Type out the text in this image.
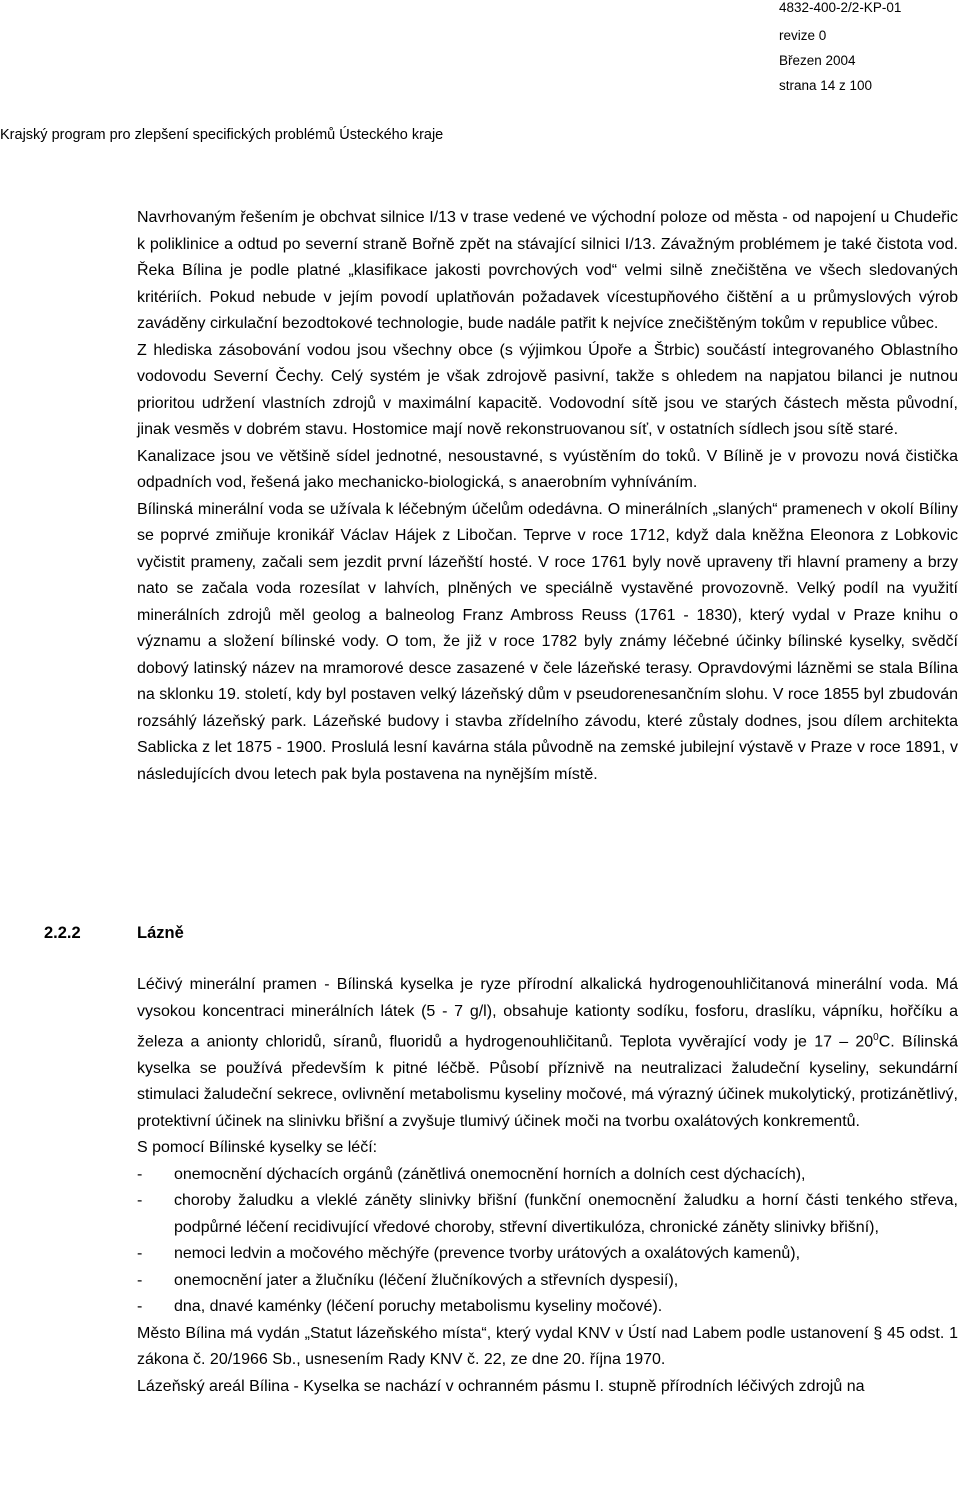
4832-400-2/2-KP-01
revize 0
Březen 2004
strana 14 z 100
Krajský program pro zlepšení specifických problémů Ústeckého kraje

Navrhovaným řešením je obchvat silnice I/13 v trase vedené ve východní poloze od města - od napojení u Chudeřic k poliklinice a odtud po severní straně Bořně zpět na stávající silnici I/13. Závažným problémem je také čistota vod. Řeka Bílina je podle platné „klasifikace jakosti povrchových vod“ velmi silně znečištěna ve všech sledovaných kritériích. Pokud nebude v jejím povodí uplatňován požadavek vícestupňového čištění a u průmyslových výrob zaváděny cirkulační bezodtokové technologie, bude nadále patřit k nejvíce znečištěným tokům v republice vůbec.

Z hlediska zásobování vodou jsou všechny obce (s výjimkou Úpoře a Štrbic) součástí integrovaného Oblastního vodovodu Severní Čechy. Celý systém je však zdrojově pasivní, takže s ohledem na napjatou bilanci je nutnou prioritou udržení vlastních zdrojů v maximální kapacitě. Vodovodní sítě jsou ve starých částech města původní, jinak vesměs v dobrém stavu. Hostomice mají nově rekonstruovanou síť, v ostatních sídlech jsou sítě staré.

Kanalizace jsou ve většině sídel jednotné, nesoustavné, s vyústěním do toků. V Bílině je v provozu nová čistička odpadních vod, řešená jako mechanicko-biologická, s anaerobním vyhníváním.

Bílinská minerální voda se užívala k léčebným účelům odedávna. O minerálních „slaných“ pramenech v okolí Bíliny se poprvé zmiňuje kronikář Václav Hájek z Libočan. Teprve v roce 1712, když dala kněžna Eleonora z Lobkovic vyčistit prameny, začali sem jezdit první lázeňští hosté. V roce 1761 byly nově upraveny tři hlavní prameny a brzy nato se začala voda rozesílat v lahvích, plněných ve speciálně vystavěné provozovně. Velký podíl na využití minerálních zdrojů měl geolog a balneolog Franz Ambross Reuss (1761 - 1830), který vydal v Praze knihu o významu a složení bílinské vody. O tom, že již v roce 1782 byly známy léčebné účinky bílinské kyselky, svědčí dobový latinský název na mramorové desce zasazené v čele lázeňské terasy. Opravdovými lázněmi se stala Bílina na sklonku 19. století, kdy byl postaven velký lázeňský dům v pseudorenesančním slohu. V roce 1855 byl zbudován rozsáhlý lázeňský park. Lázeňské budovy i stavba zřídelního závodu, které zůstaly dodnes, jsou dílem architekta Sablicka z let 1875 - 1900. Proslulá lesní kavárna stála původně na zemské jubilejní výstavě v Praze v roce 1891, v následujících dvou letech pak byla postavena na nynějším místě.

2.2.2	Lázně

Léčivý minerální pramen - Bílinská kyselka je ryze přírodní alkalická hydrogenouhličitanová minerální voda. Má vysokou koncentraci minerálních látek (5 - 7 g/l), obsahuje kationty sodíku, fosforu, draslíku, vápníku, hořčíku a železa a anionty chloridů, síranů, fluoridů a hydrogenouhličitanů. Teplota vyvěrající vody je $17 - 20^0C$. Bílinská kyselka se používá především k pitné léčbě. Působí příznivě na neutralizaci žaludeční kyseliny, sekundární stimulaci žaludeční sekrece, ovlivnění metabolismu kyseliny močové, má výrazný účinek mukolytický, protizánětlivý, protektivní účinek na slinivku břišní a zvyšuje tlumivý účinek moči na tvorbu oxalátových konkrementů.

S pomocí Bílinské kyselky se léčí:

- onemocnění dýchacích orgánů (zánětlivá onemocnění horních a dolních cest dýchacích),
- choroby žaludku a vleklé záněty slinivky břišní (funkční onemocnění žaludku a horní části tenkého střeva, podpůrné léčení recidivující vředové choroby, střevní divertikulóza, chronické záněty slinivky břišní),
- nemoci ledvin a močového měchýře (prevence tvorby urátových a oxalátových kamenů),
- onemocnění jater a žlučníku (léčení žlučníkových a střevních dyspesií),
- dna, dnavé kaménky (léčení poruchy metabolismu kyseliny močové).

Město Bílina má vydán „Statut lázeňského místa“, který vydal KNV v Ústí nad Labem podle ustanovení § 45 odst. 1 zákona č. 20/1966 Sb., usnesením Rady KNV č. 22, ze dne 20. října 1970.

Lázeňský areál Bílina - Kyselka se nachází v ochranném pásmu I. stupně přírodních léčivých zdrojů na
